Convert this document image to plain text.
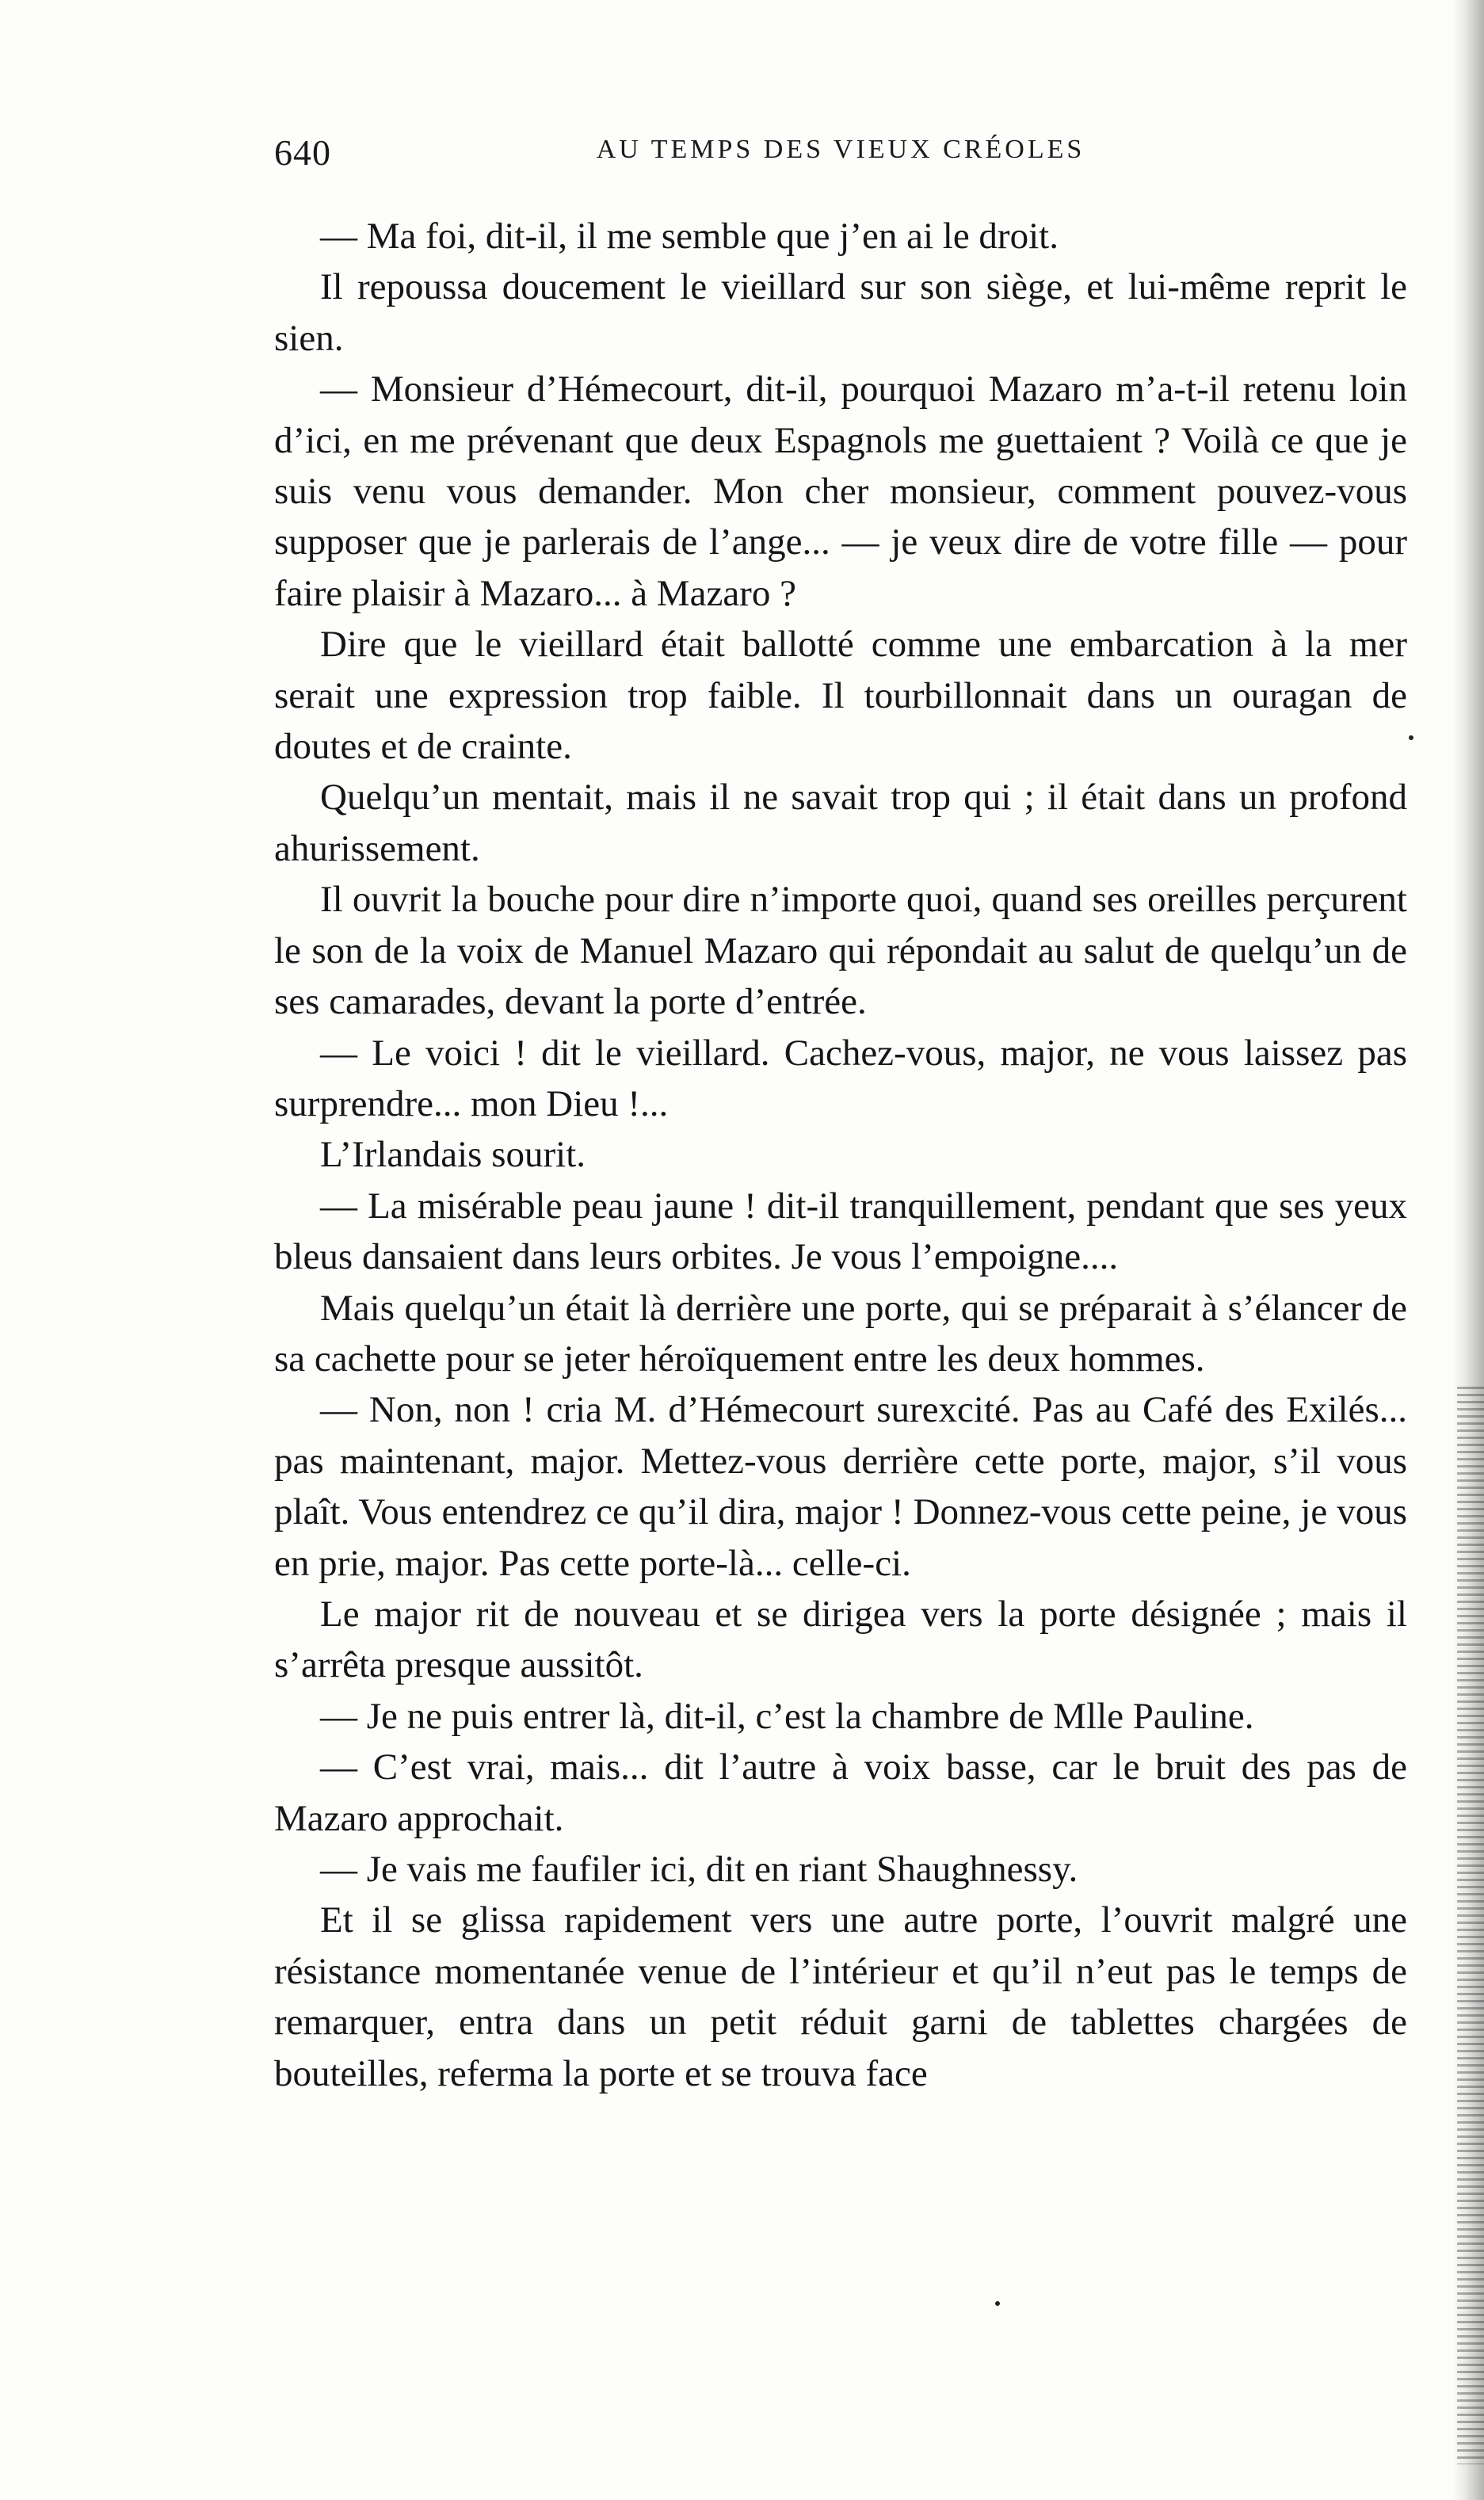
640	AU TEMPS DES VIEUX CRÉOLES

— Ma foi, dit-il, il me semble que j’en ai le droit.

Il repoussa doucement le vieillard sur son siège, et lui-même reprit le sien.

— Monsieur d’Hémecourt, dit-il, pourquoi Mazaro m’a-t-il retenu loin d’ici, en me prévenant que deux Espagnols me guettaient ? Voilà ce que je suis venu vous demander. Mon cher monsieur, comment pouvez-vous supposer que je parlerais de l’ange... — je veux dire de votre fille — pour faire plaisir à Mazaro... à Mazaro ?

Dire que le vieillard était ballotté comme une embarcation à la mer serait une expression trop faible. Il tourbillonnait dans un ouragan de doutes et de crainte.

Quelqu’un mentait, mais il ne savait trop qui ; il était dans un profond ahurissement.

Il ouvrit la bouche pour dire n’importe quoi, quand ses oreilles perçurent le son de la voix de Manuel Mazaro qui répondait au salut de quelqu’un de ses camarades, devant la porte d’entrée.

— Le voici ! dit le vieillard. Cachez-vous, major, ne vous laissez pas surprendre... mon Dieu !...

L’Irlandais sourit.

— La misérable peau jaune ! dit-il tranquillement, pendant que ses yeux bleus dansaient dans leurs orbites. Je vous l’empoigne....

Mais quelqu’un était là derrière une porte, qui se préparait à s’élancer de sa cachette pour se jeter héroïquement entre les deux hommes.

— Non, non ! cria M. d’Hémecourt surexcité. Pas au Café des Exilés... pas maintenant, major. Mettez-vous derrière cette porte, major, s’il vous plaît. Vous entendrez ce qu’il dira, major ! Donnez-vous cette peine, je vous en prie, major. Pas cette porte-là... celle-ci.

Le major rit de nouveau et se dirigea vers la porte désignée ; mais il s’arrêta presque aussitôt.

— Je ne puis entrer là, dit-il, c’est la chambre de Mlle Pauline.

— C’est vrai, mais... dit l’autre à voix basse, car le bruit des pas de Mazaro approchait.

— Je vais me faufiler ici, dit en riant Shaughnessy.

Et il se glissa rapidement vers une autre porte, l’ouvrit malgré une résistance momentanée venue de l’intérieur et qu’il n’eut pas le temps de remarquer, entra dans un petit réduit garni de tablettes chargées de bouteilles, referma la porte et se trouva face
